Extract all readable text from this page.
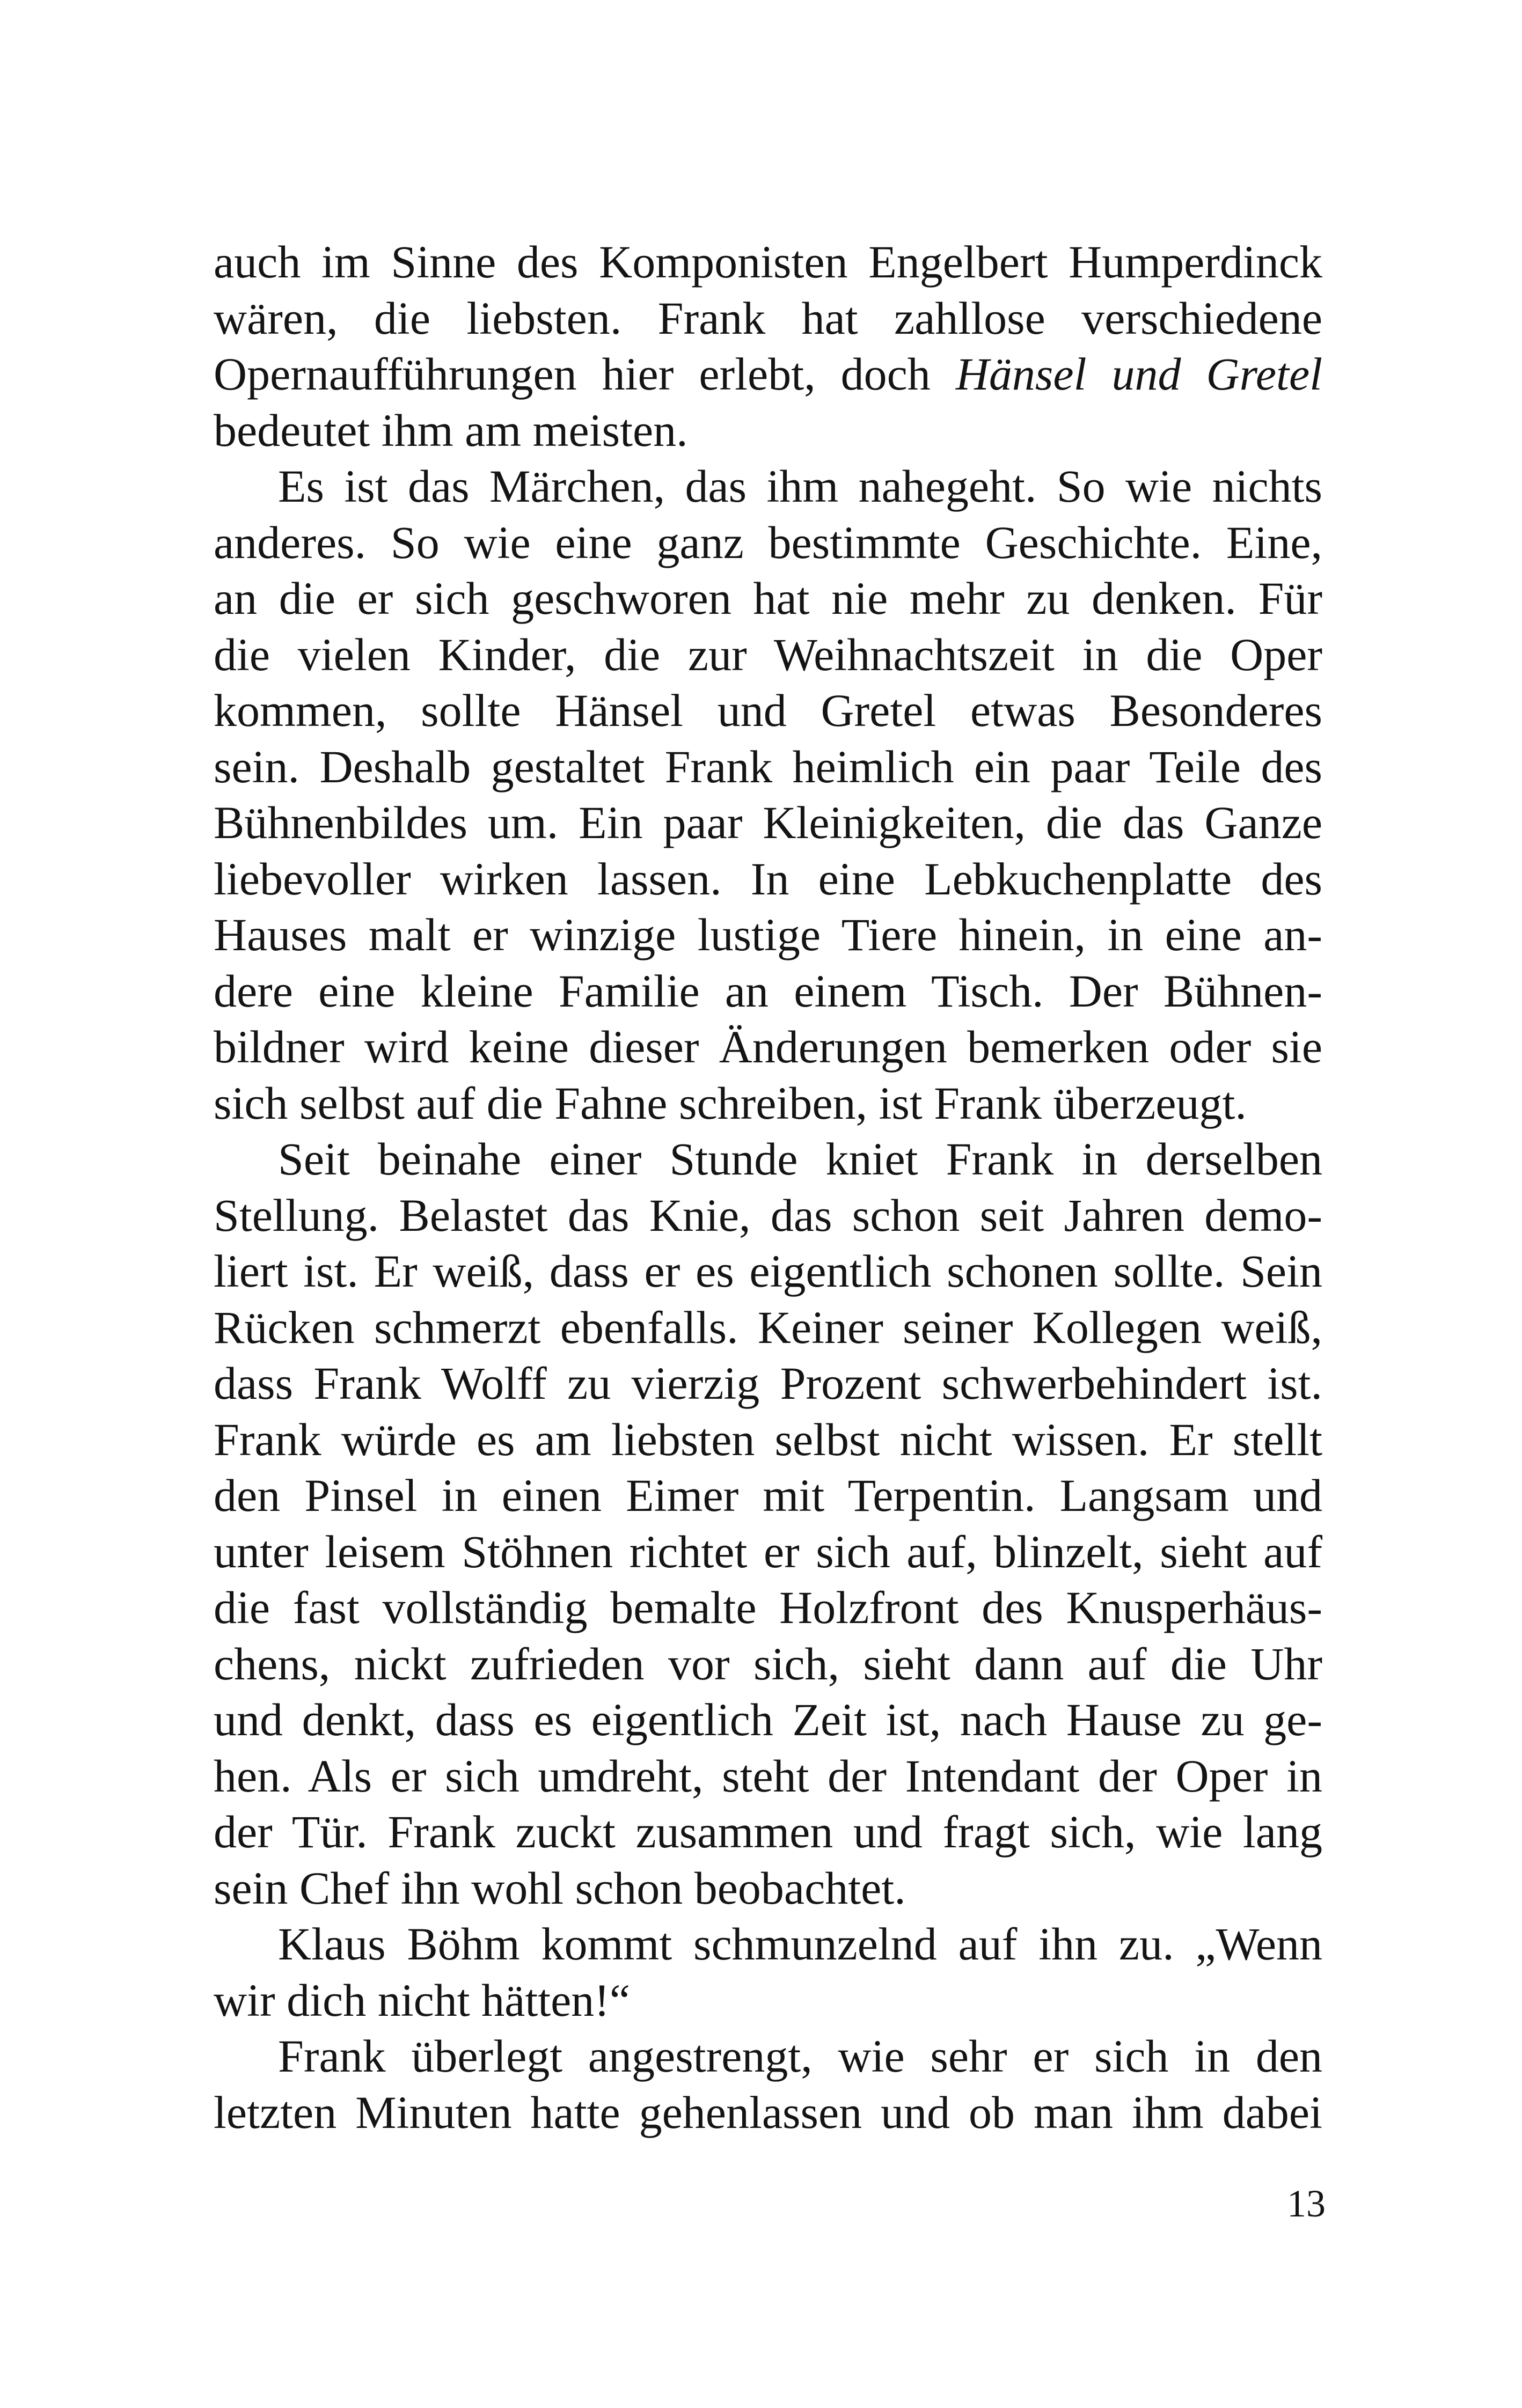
auch im Sinne des Komponisten Engelbert Humperdinck
wären, die liebsten. Frank hat zahllose verschiedene
Opernaufführungen hier erlebt, doch Hänsel und Gretel
bedeutet ihm am meisten.
Es ist das Märchen, das ihm nahegeht. So wie nichts
anderes. So wie eine ganz bestimmte Geschichte. Eine,
an die er sich geschworen hat nie mehr zu denken. Für
die vielen Kinder, die zur Weihnachtszeit in die Oper
kommen, sollte Hänsel und Gretel etwas Besonderes
sein. Deshalb gestaltet Frank heimlich ein paar Teile des
Bühnenbildes um. Ein paar Kleinigkeiten, die das Ganze
liebevoller wirken lassen. In eine Lebkuchenplatte des
Hauses malt er winzige lustige Tiere hinein, in eine an-
dere eine kleine Familie an einem Tisch. Der Bühnen-
bildner wird keine dieser Änderungen bemerken oder sie
sich selbst auf die Fahne schreiben, ist Frank überzeugt.
Seit beinahe einer Stunde kniet Frank in derselben
Stellung. Belastet das Knie, das schon seit Jahren demo-
liert ist. Er weiß, dass er es eigentlich schonen sollte. Sein
Rücken schmerzt ebenfalls. Keiner seiner Kollegen weiß,
dass Frank Wolff zu vierzig Prozent schwerbehindert ist.
Frank würde es am liebsten selbst nicht wissen. Er stellt
den Pinsel in einen Eimer mit Terpentin. Langsam und
unter leisem Stöhnen richtet er sich auf, blinzelt, sieht auf
die fast vollständig bemalte Holzfront des Knusperhäus-
chens, nickt zufrieden vor sich, sieht dann auf die Uhr
und denkt, dass es eigentlich Zeit ist, nach Hause zu ge-
hen. Als er sich umdreht, steht der Intendant der Oper in
der Tür. Frank zuckt zusammen und fragt sich, wie lang
sein Chef ihn wohl schon beobachtet.
Klaus Böhm kommt schmunzelnd auf ihn zu. „Wenn
wir dich nicht hätten!“
Frank überlegt angestrengt, wie sehr er sich in den
letzten Minuten hatte gehenlassen und ob man ihm dabei
13
